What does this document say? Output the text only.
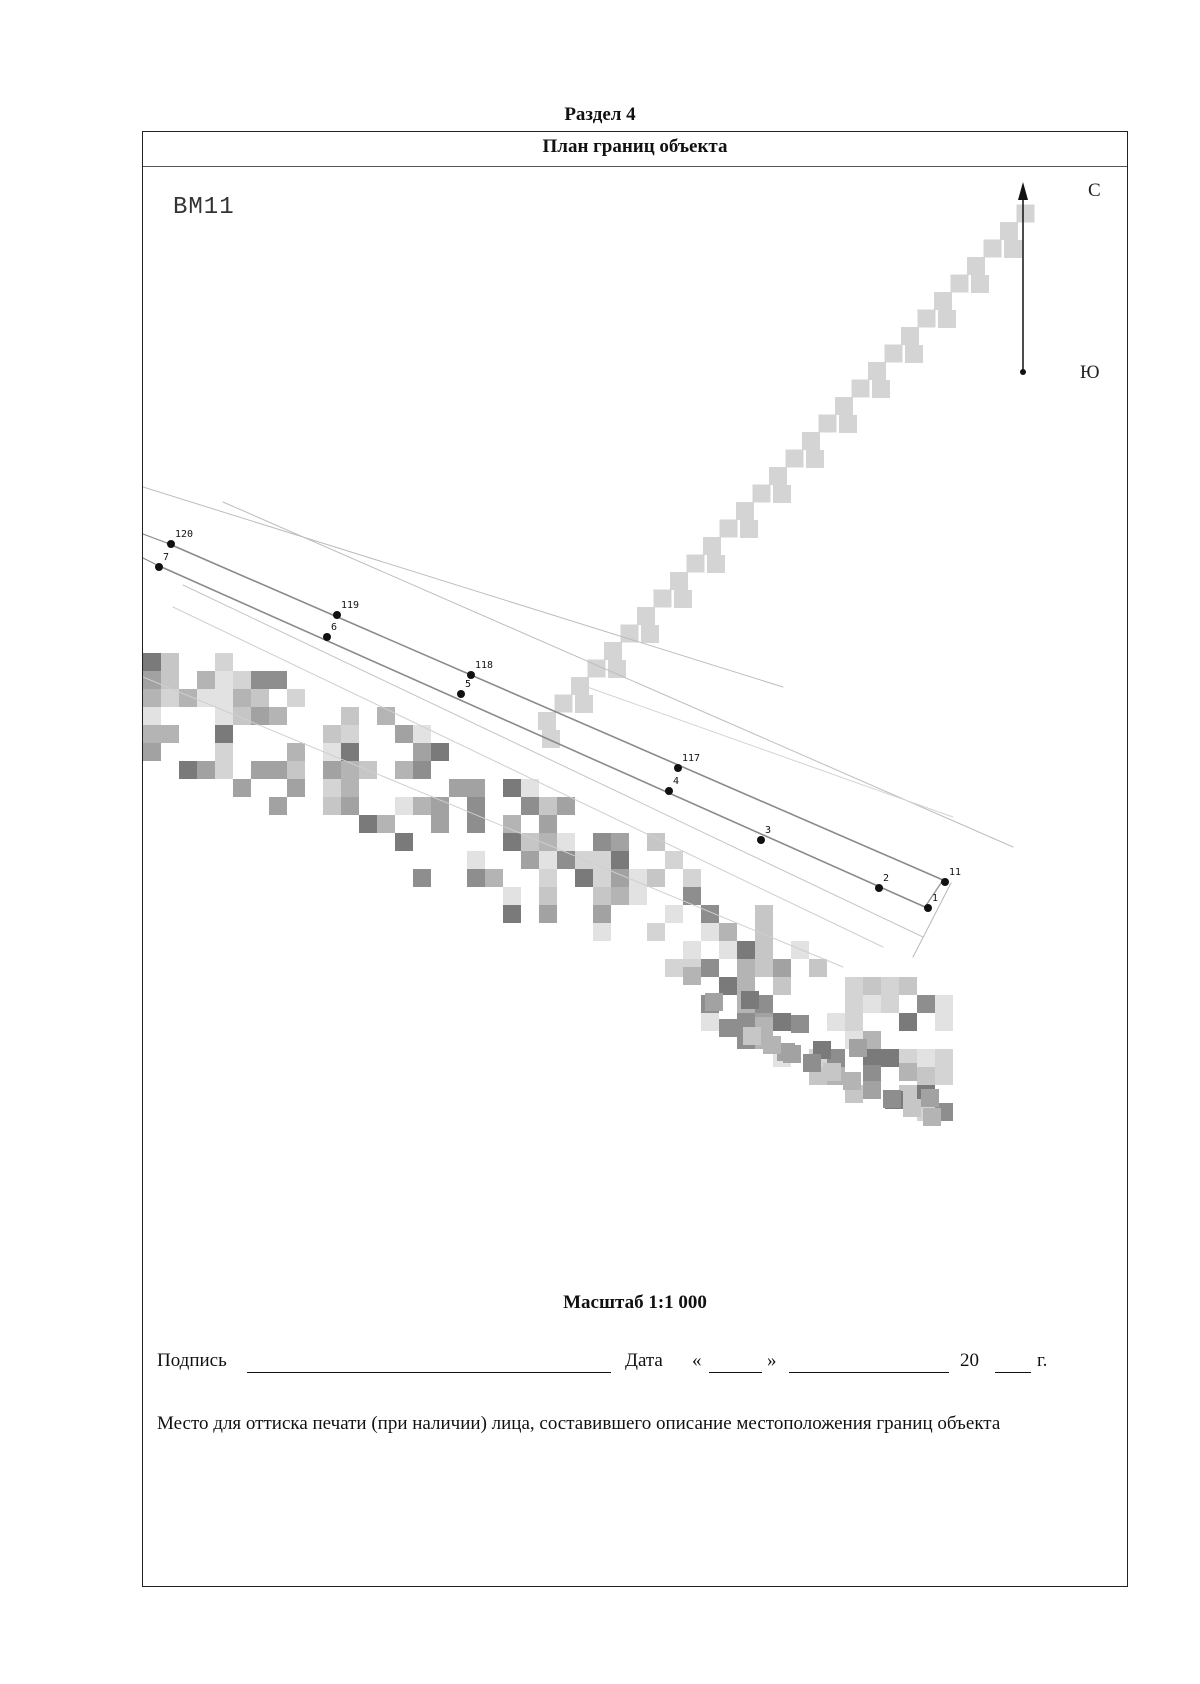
Раздел 4
План границ объекта
120
7
119
6
118
5
117
4
3
2
11
1
BM11
С
Ю
Масштаб 1:1 000
Подпись	Дата «	»	20	г.
Место для оттиска печати (при наличии) лица, составившего описание местоположения границ объекта
